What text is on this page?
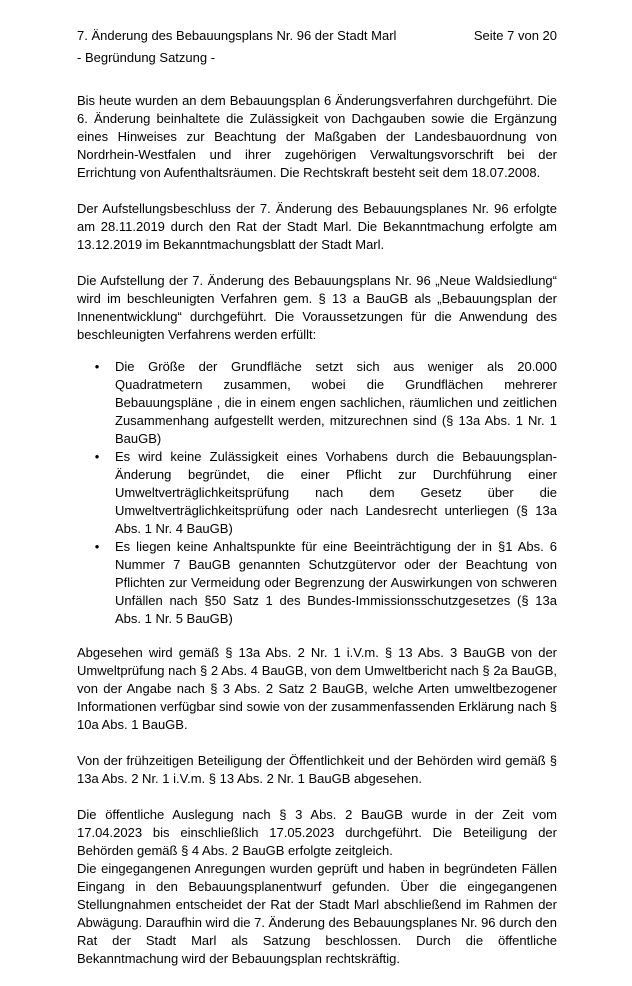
7. Änderung des Bebauungsplans Nr. 96 der Stadt Marl	Seite 7 von 20
- Begründung Satzung -

Bis heute wurden an dem Bebauungsplan 6 Änderungsverfahren durchgeführt. Die 6. Änderung beinhaltete die Zulässigkeit von Dachgauben sowie die Ergänzung eines Hinweises zur Beachtung der Maßgaben der Landesbauordnung von Nordrhein-Westfalen und ihrer zugehörigen Verwaltungsvorschrift bei der Errichtung von Aufenthaltsräumen. Die Rechtskraft besteht seit dem 18.07.2008.

Der Aufstellungsbeschluss der 7. Änderung des Bebauungsplanes Nr. 96 erfolgte am 28.11.2019 durch den Rat der Stadt Marl. Die Bekanntmachung erfolgte am 13.12.2019 im Bekanntmachungsblatt der Stadt Marl.

Die Aufstellung der 7. Änderung des Bebauungsplans Nr. 96 „Neue Waldsiedlung“ wird im beschleunigten Verfahren gem. § 13 a BauGB als „Bebauungsplan der Innenentwicklung“ durchgeführt. Die Voraussetzungen für die Anwendung des beschleunigten Verfahrens werden erfüllt:

• Die Größe der Grundfläche setzt sich aus weniger als 20.000 Quadratmetern zusammen, wobei die Grundflächen mehrerer Bebauungspläne , die in einem engen sachlichen, räumlichen und zeitlichen Zusammenhang aufgestellt werden, mitzurechnen sind (§ 13a Abs. 1 Nr. 1 BauGB)
• Es wird keine Zulässigkeit eines Vorhabens durch die Bebauungsplan-Änderung begründet, die einer Pflicht zur Durchführung einer Umweltverträglichkeitsprüfung nach dem Gesetz über die Umweltverträglichkeitsprüfung oder nach Landesrecht unterliegen (§ 13a Abs. 1 Nr. 4 BauGB)
• Es liegen keine Anhaltspunkte für eine Beeinträchtigung der in §1 Abs. 6 Nummer 7 BauGB genannten Schutzgütervor oder der Beachtung von Pflichten zur Vermeidung oder Begrenzung der Auswirkungen von schweren Unfällen nach §50 Satz 1 des Bundes-Immissionsschutzgesetzes (§ 13a Abs. 1 Nr. 5 BauGB)

Abgesehen wird gemäß § 13a Abs. 2 Nr. 1 i.V.m. § 13 Abs. 3 BauGB von der Umweltprüfung nach § 2 Abs. 4 BauGB, von dem Umweltbericht nach § 2a BauGB, von der Angabe nach § 3 Abs. 2 Satz 2 BauGB, welche Arten umweltbezogener Informationen verfügbar sind sowie von der zusammenfassenden Erklärung nach § 10a Abs. 1 BauGB.

Von der frühzeitigen Beteiligung der Öffentlichkeit und der Behörden wird gemäß § 13a Abs. 2 Nr. 1 i.V.m. § 13 Abs. 2 Nr. 1 BauGB abgesehen.

Die öffentliche Auslegung nach § 3 Abs. 2 BauGB wurde in der Zeit vom 17.04.2023 bis einschließlich 17.05.2023 durchgeführt. Die Beteiligung der Behörden gemäß § 4 Abs. 2 BauGB erfolgte zeitgleich.

Die eingegangenen Anregungen wurden geprüft und haben in begründeten Fällen Eingang in den Bebauungsplanentwurf gefunden. Über die eingegangenen Stellungnahmen entscheidet der Rat der Stadt Marl abschließend im Rahmen der Abwägung. Daraufhin wird die 7. Änderung des Bebauungsplanes Nr. 96 durch den Rat der Stadt Marl als Satzung beschlossen. Durch die öffentliche Bekanntmachung wird der Bebauungsplan rechtskräftig.
